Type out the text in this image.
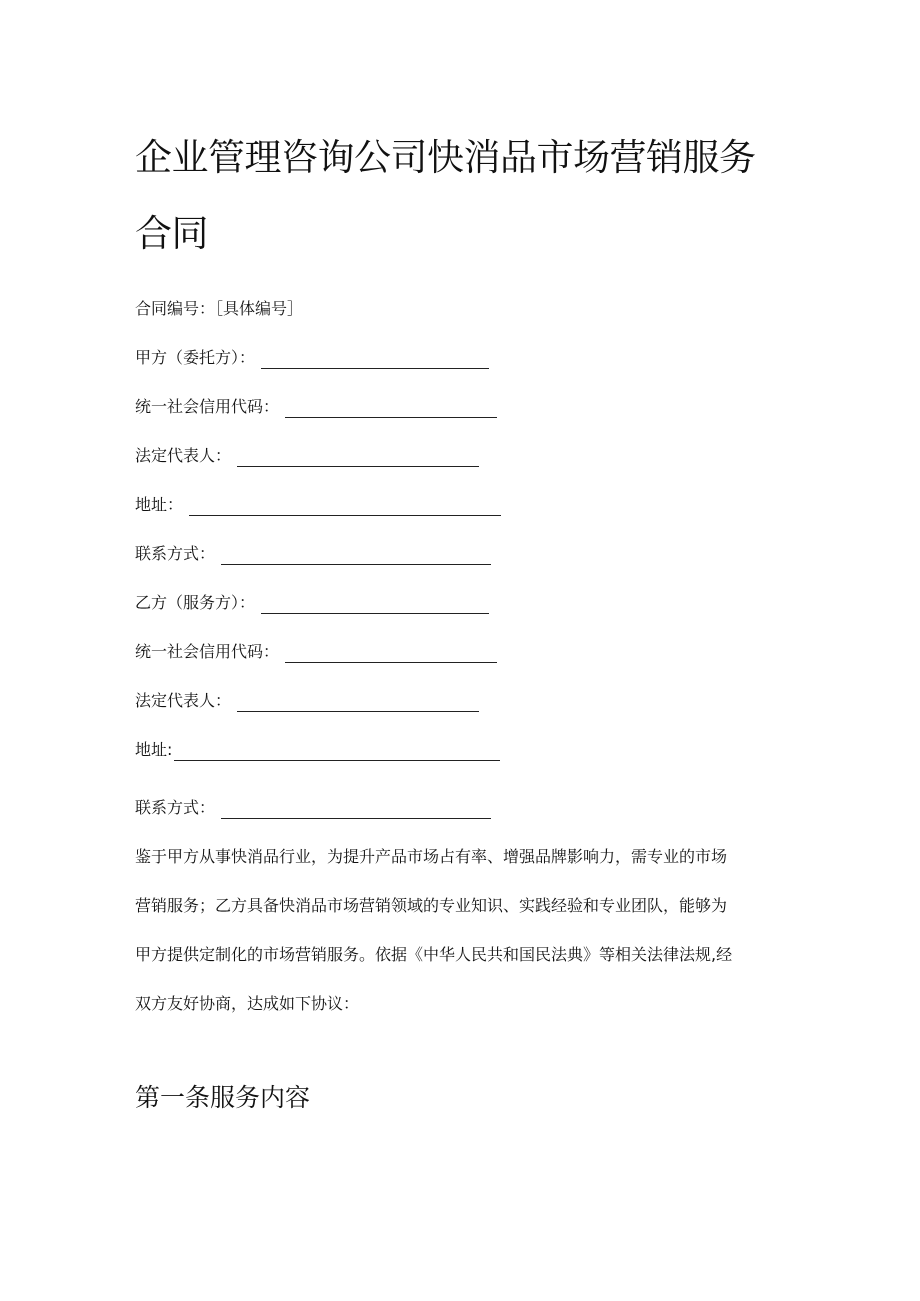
企业管理咨询公司快消品市场营销服务
合同
合同编号：［具体编号］
甲方（委托方）：
统一社会信用代码：
法定代表人：
地址：
联系方式：
乙方（服务方）：
统一社会信用代码：
法定代表人：
地址:
联系方式：
鉴于甲方从事快消品行业，为提升产品市场占有率、增强品牌影响力，需专业的市场
营销服务；乙方具备快消品市场营销领域的专业知识、实践经验和专业团队，能够为
甲方提供定制化的市场营销服务。依据《中华人民共和国民法典》等相关法律法规,经
双方友好协商，达成如下协议：
第一条服务内容
